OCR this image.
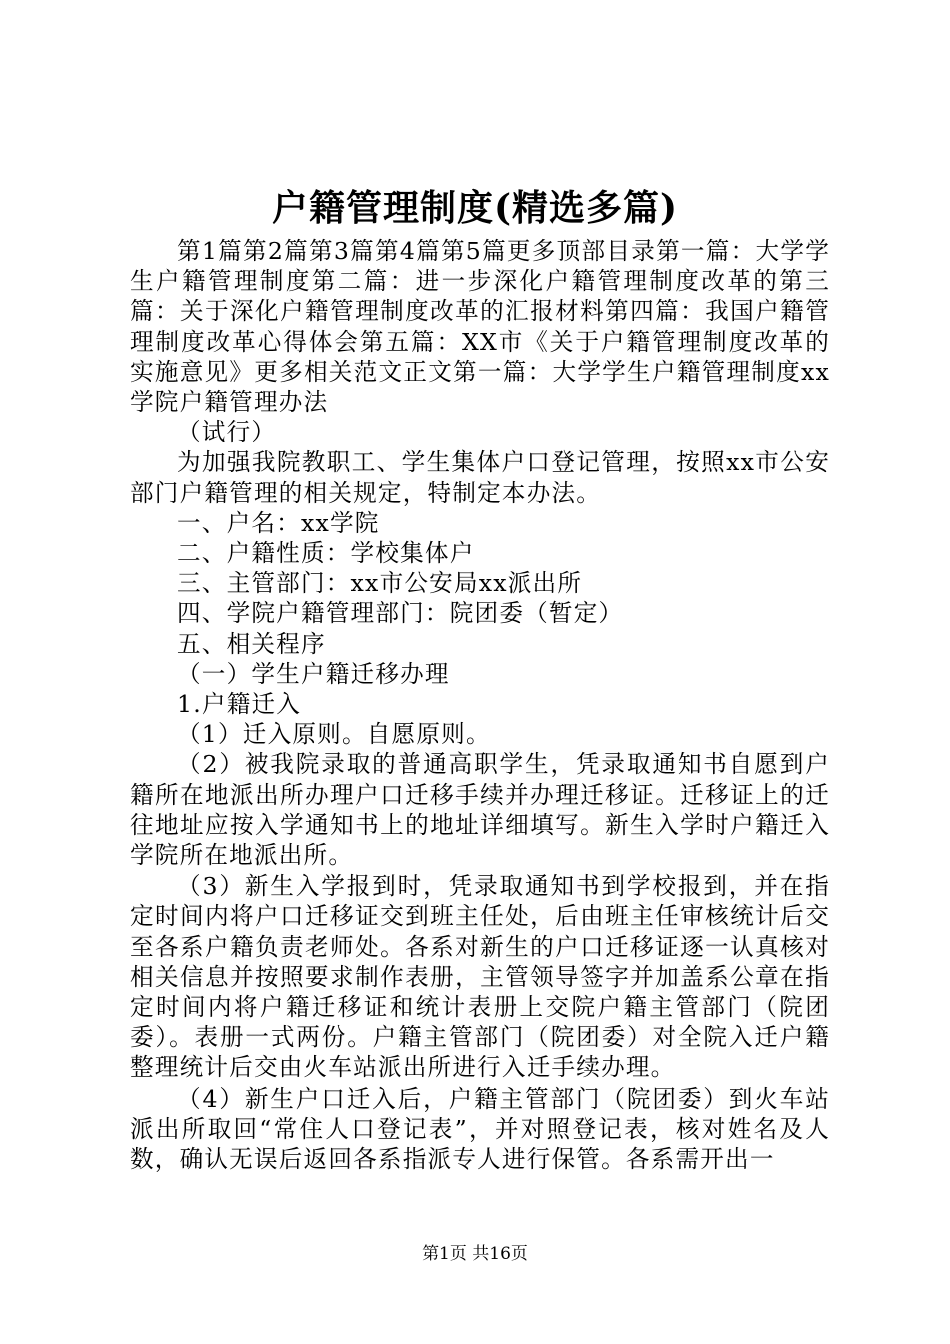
户籍管理制度(精选多篇)

第1篇第2篇第3篇第4篇第5篇更多顶部目录第一篇：大学学生户籍管理制度第二篇：进一步深化户籍管理制度改革的第三篇：关于深化户籍管理制度改革的汇报材料第四篇：我国户籍管理制度改革心得体会第五篇：XX市《关于户籍管理制度改革的实施意见》更多相关范文正文第一篇：大学学生户籍管理制度xx学院户籍管理办法

（试行）

为加强我院教职工、学生集体户口登记管理，按照xx市公安部门户籍管理的相关规定，特制定本办法。

一、户名：xx学院

二、户籍性质：学校集体户

三、主管部门：xx市公安局xx派出所

四、学院户籍管理部门：院团委（暂定）

五、相关程序

（一）学生户籍迁移办理

1.户籍迁入

（1）迁入原则。自愿原则。

（2）被我院录取的普通高职学生，凭录取通知书自愿到户籍所在地派出所办理户口迁移手续并办理迁移证。迁移证上的迁往地址应按入学通知书上的地址详细填写。新生入学时户籍迁入学院所在地派出所。

（3）新生入学报到时，凭录取通知书到学校报到，并在指定时间内将户口迁移证交到班主任处，后由班主任审核统计后交至各系户籍负责老师处。各系对新生的户口迁移证逐一认真核对相关信息并按照要求制作表册，主管领导签字并加盖系公章在指定时间内将户籍迁移证和统计表册上交院户籍主管部门（院团委）。表册一式两份。户籍主管部门（院团委）对全院入迁户籍整理统计后交由火车站派出所进行入迁手续办理。

（4）新生户口迁入后，户籍主管部门（院团委）到火车站派出所取回“常住人口登记表”，并对照登记表，核对姓名及人数，确认无误后返回各系指派专人进行保管。各系需开出一

第1页 共16页
